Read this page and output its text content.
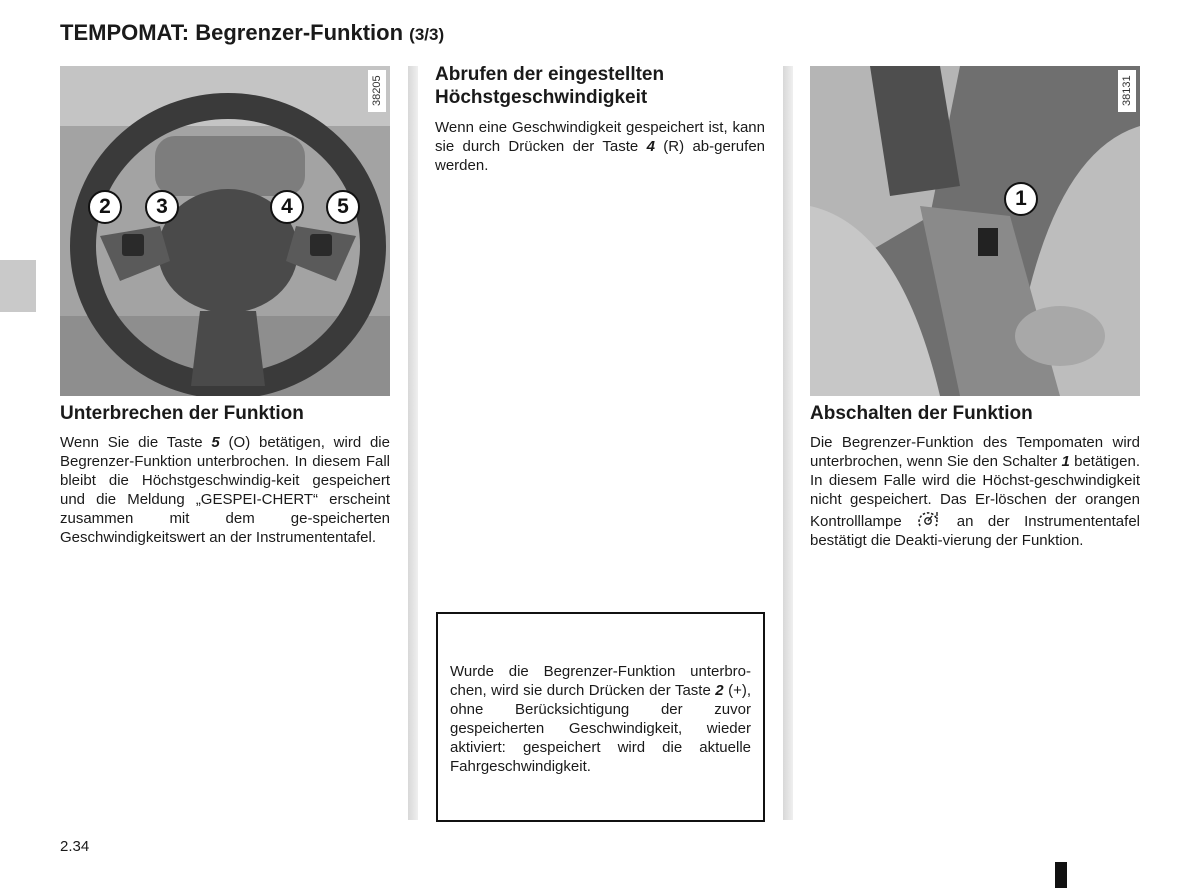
TEMPOMAT: Begrenzer-Funktion (3/3)
38205
2	3	4	5
38131
1
Unterbrechen der Funktion
Wenn Sie die Taste 5 (O) betätigen, wird die Begrenzer-Funktion unterbrochen. In diesem Fall bleibt die Höchstgeschwindig-keit gespeichert und die Meldung „GESPEI-CHERT“ erscheint zusammen mit dem ge-speicherten Geschwindigkeitswert an der Instrumententafel.
Abrufen der eingestellten
Höchstgeschwindigkeit
Wenn eine Geschwindigkeit gespeichert ist, kann sie durch Drücken der Taste 4 (R) ab-gerufen werden.
Wurde die Begrenzer-Funktion unterbro-chen, wird sie durch Drücken der Taste 2 (+), ohne Berücksichtigung der zuvor gespeicherten Geschwindigkeit, wieder aktiviert: gespeichert wird die aktuelle Fahrgeschwindigkeit.
Abschalten der Funktion
Die Begrenzer-Funktion des Tempomaten wird unterbrochen, wenn Sie den Schalter 1 betätigen. In diesem Falle wird die Höchst-geschwindigkeit nicht gespeichert. Das Er-löschen der orangen Kontrolllampe  an der Instrumententafel bestätigt die Deakti-vierung der Funktion.
2.34
